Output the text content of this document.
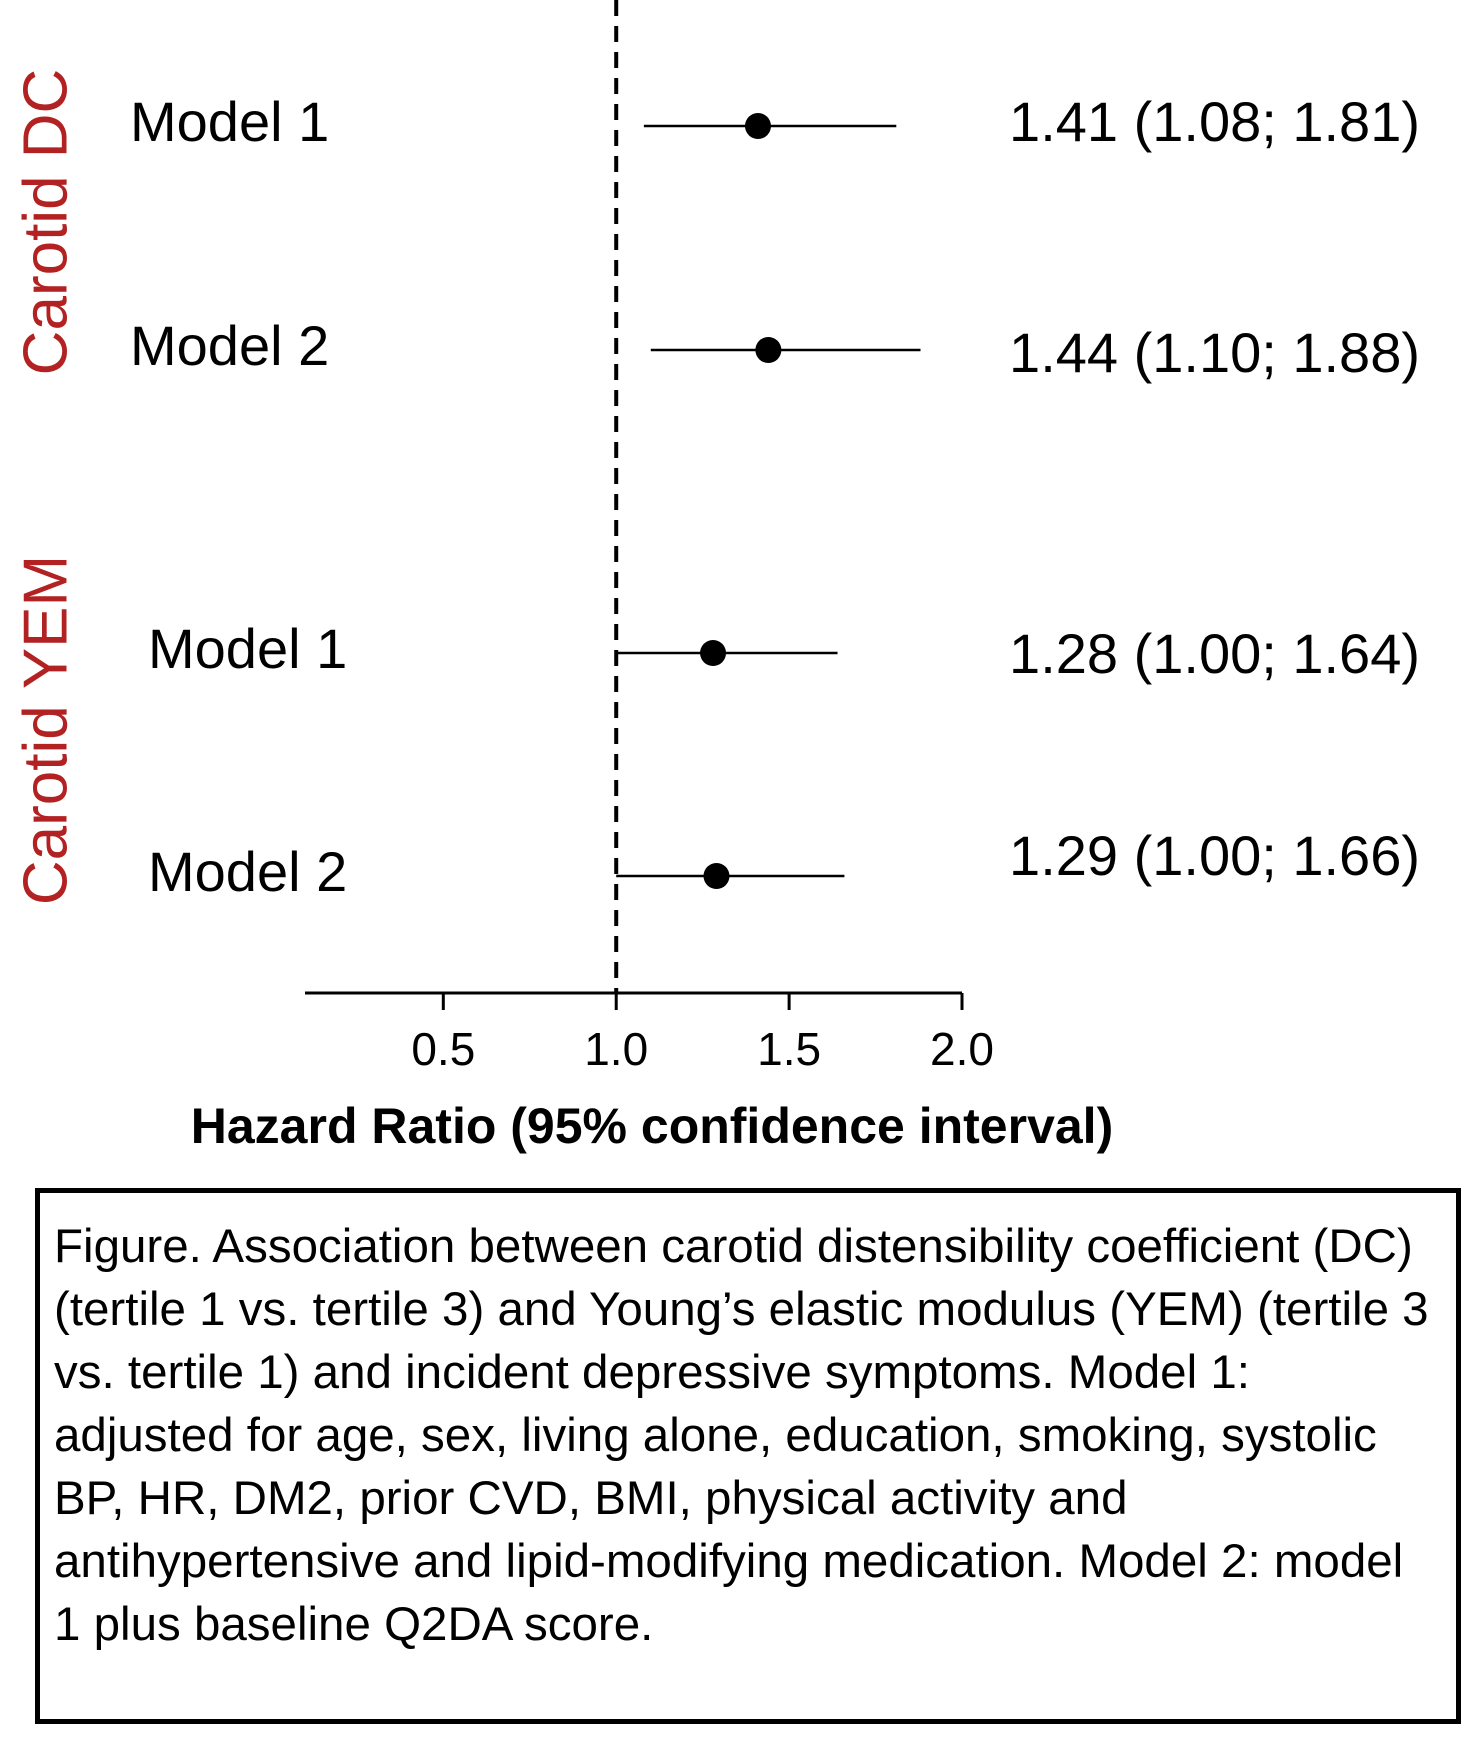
Carotid DC Model 1	1.41 (1.08; 1.81)
Model 2	1.44 (1.10; 1.88)
Carotid YEM Model 1	1.28 (1.00; 1.64)
Model 2	1.29 (1.00; 1.66)
0.5 1.0 1.5 2.0
Hazard Ratio (95% confidence interval)

Figure. Association between carotid distensibility coefficient (DC) (tertile 1 vs. tertile 3) and Young’s elastic modulus (YEM) (tertile 3 vs. tertile 1) and incident depressive symptoms. Model 1: adjusted for age, sex, living alone, education, smoking, systolic BP, HR, DM2, prior CVD, BMI, physical activity and antihypertensive and lipid-modifying medication. Model 2: model 1 plus baseline Q2DA score.
